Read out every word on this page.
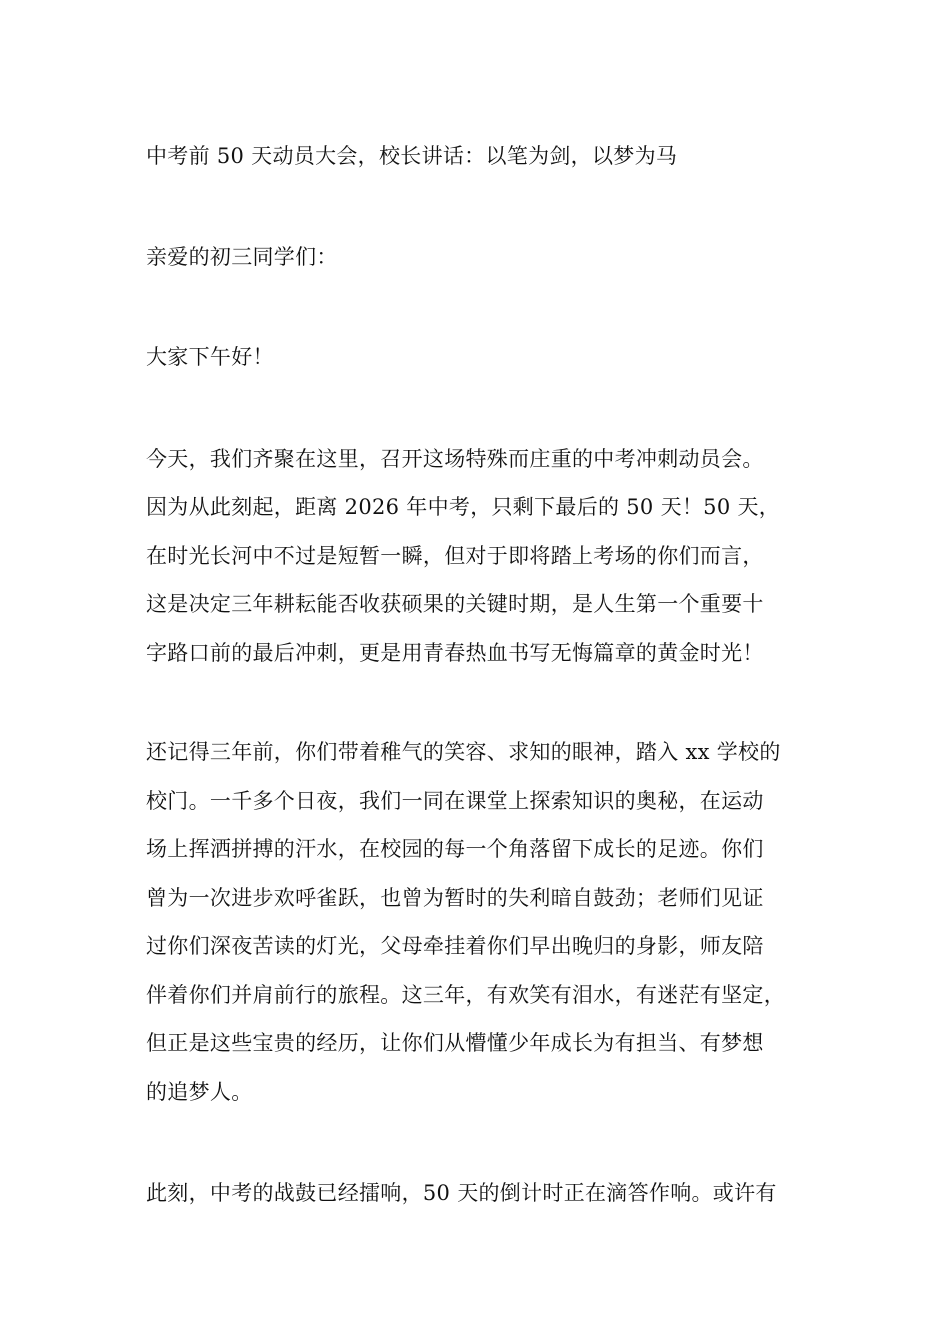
中考前 50 天动员大会，校长讲话：以笔为剑，以梦为马

亲爱的初三同学们：

大家下午好！

今天，我们齐聚在这里，召开这场特殊而庄重的中考冲刺动员会。
因为从此刻起，距离 2026 年中考，只剩下最后的 50 天！50 天，
在时光长河中不过是短暂一瞬，但对于即将踏上考场的你们而言，
这是决定三年耕耘能否收获硕果的关键时期，是人生第一个重要十
字路口前的最后冲刺，更是用青春热血书写无悔篇章的黄金时光！

还记得三年前，你们带着稚气的笑容、求知的眼神，踏入 xx 学校的
校门。一千多个日夜，我们一同在课堂上探索知识的奥秘，在运动
场上挥洒拼搏的汗水，在校园的每一个角落留下成长的足迹。你们
曾为一次进步欢呼雀跃，也曾为暂时的失利暗自鼓劲；老师们见证
过你们深夜苦读的灯光，父母牵挂着你们早出晚归的身影，师友陪
伴着你们并肩前行的旅程。这三年，有欢笑有泪水，有迷茫有坚定，
但正是这些宝贵的经历，让你们从懵懂少年成长为有担当、有梦想
的追梦人。

此刻，中考的战鼓已经擂响，50 天的倒计时正在滴答作响。或许有
